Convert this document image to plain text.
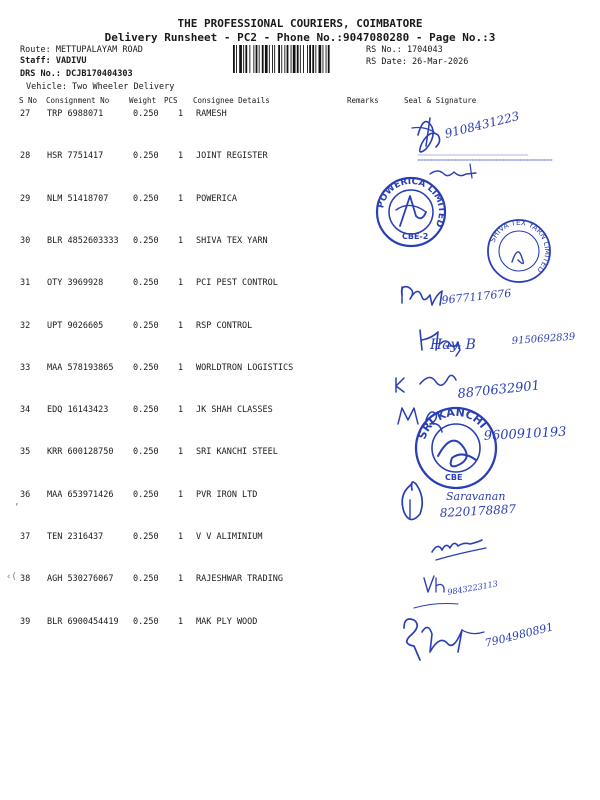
THE PROFESSIONAL COURIERS, COIMBATORE
Delivery Runsheet - PC2 - Phone No.:9047080280 - Page No.:3
Route: METTUPALAYAM ROAD
Staff: VADIVU
DRS No.: DCJB170404303
Vehicle: Two Wheeler Delivery
RS No.: 1704043
RS Date: 26-Mar-2026
S No Consignment No	Weight PCS Consignee Details	Remarks	Seal & Signature
27 TRP 6988071	0.250 1 RAMESH
28 HSR 7751417	0.250 1 JOINT REGISTER
29 NLM 51418707	0.250 1 POWERICA
30 BLR 4852603333 0.250 1 SHIVA TEX YARN
31 OTY 3969928	0.250 1 PCI PEST CONTROL
32 UPT 9026605	0.250 1 RSP CONTROL
33 MAA 578193865 0.250 1 WORLDTRON LOGISTICS
34 EDQ 16143423	0.250 1 JK SHAH CLASSES
35 KRR 600128750 0.250 1 SRI KANCHI STEEL
36 MAA 653971426 0.250 1 PVR IRON LTD
37 TEN 2316437	0.250 1 V V ALIMINIUM
38 AGH 530276067 0.250 1 RAJESHWAR TRADING
39 BLR 6900454419 0.250 1 MAK PLY WOOD
‹(
’
POWERICA LIMITED
SHIVA TEX YARN LIMITED
SRI KANCHI
CBE-2
CBE
9108431223
9677117676
Hay. B	9150692839
8870632901
9600910193
Saravanan
8220178887
9843223113
7904980891
